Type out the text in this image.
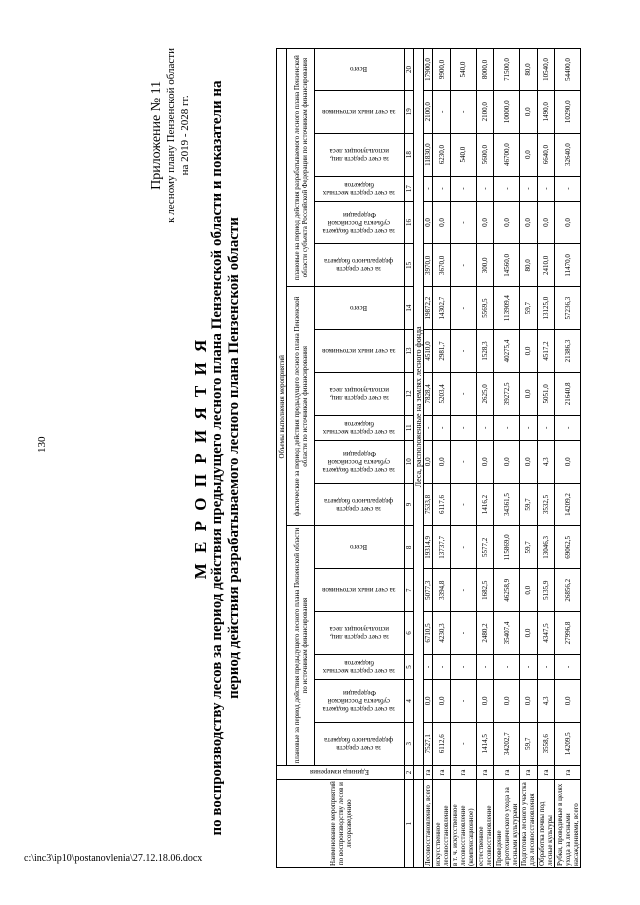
130
c:\inc3\ip10\postanovlenia\27.12.18.06.docx
Приложение № 11 к лесному плану Пензенской области на 2019 - 2028 гг.
М Е Р О П Р И Я Т И Я по воспроизводству лесов за период действия предыдущего лесного плана Пензенской области и показатели на период действия разрабатываемого лесного плана Пензенской области
Наименование мероприятий по воспроизводству лесов и лесоразведению	Единица измерения	Объемы выполнения мероприятий																	
		плановые за период действия предыдущего лесного плана Пензенской области по источникам финансирования						фактические за период действия предыдущего лесного плана Пензенской области по источникам финансирования						плановые на период действия разрабатываемого лесного плана Пензенской области субъекта Российской Федерации по источникам финансирования					
		за счет средств федерального бюджета	за счет средств бюджета субъекта Российской Федерации	за счет средств местных бюджетов	за счет средств лиц, использующих леса	за счет иных источников	Всего	за счет средств федерального бюджета	за счет средств бюджета субъекта Российской Федерации	за счет средств местных бюджетов	за счет средств лиц, использующих леса	за счет иных источников	Всего	за счет средств федерального бюджета	за счет средств бюджета субъекта Российской Федерации	за счет средств местных бюджетов	за счет средств лиц, использующих леса	за счет иных источников	Всего
1	2	3	4	5	6	7	8	9	10	11	12	13	14	15	16	17	18	19	20
		Леса, расположенные на землях лесного фонда																	
Лесовосстановление, всего	га	7527,1	0,0	-	6710,5	5077,3	19314,9	7533,8	0,0	-	7828,4	4510,0	19872,2	3970,0	0,0	-	11830,0	2100,0	17900,0
искусственное лесовосстановление	га	6112,6	0,0	-	4230,3	3394,8	13737,7	6117,6	0,0	-	5203,4	2981,7	14302,7	3670,0	0,0	-	6230,0	-	9900,0
в т. ч. искусственное лесовосстановление (компенсационное)	га	-	-	-	-	-	-	-	-	-	-	-	-	-	-	-	540,0	-	540,0
естественное лесовосстановление	га	1414,5	0,0	-	2480,2	1682,5	5577,2	1416,2	0,0	-	2625,0	1528,3	5569,5	300,0	0,0	-	5600,0	2100,0	8000,0
Проведение агротехнического ухода за лесными культурами	га	34202,7	0,0	-	35407,4	46258,9	115869,0	34361,5	0,0	-	39272,5	40275,4	113909,4	14560,0	0,0	-	46700,0	10000,0	71500,0
Подготовка лесного участка для лесовосстановления	га	59,7	0,0	-	0,0	0,0	59,7	59,7	0,0	-	0,0	0,0	59,7	80,0	0,0	-	0,0	0,0	80,0
Обработка почвы под лесные культуры	га	3558,6	4,3	-	4347,5	5135,9	13046,3	3532,5	4,3	-	5051,0	4517,2	13125,0	2410,0	0,0	-	6640,0	1490,0	10540,0
Рубки, проводимые в целях ухода за лесными насаждениями, всего	га	14209,5	0,0	-	27996,8	26856,2	69062,5	14209,2	0,0	-	21640,8	21386,3	57236,3	11470,0	0,0	-	32640,0	10290,0	54400,0
